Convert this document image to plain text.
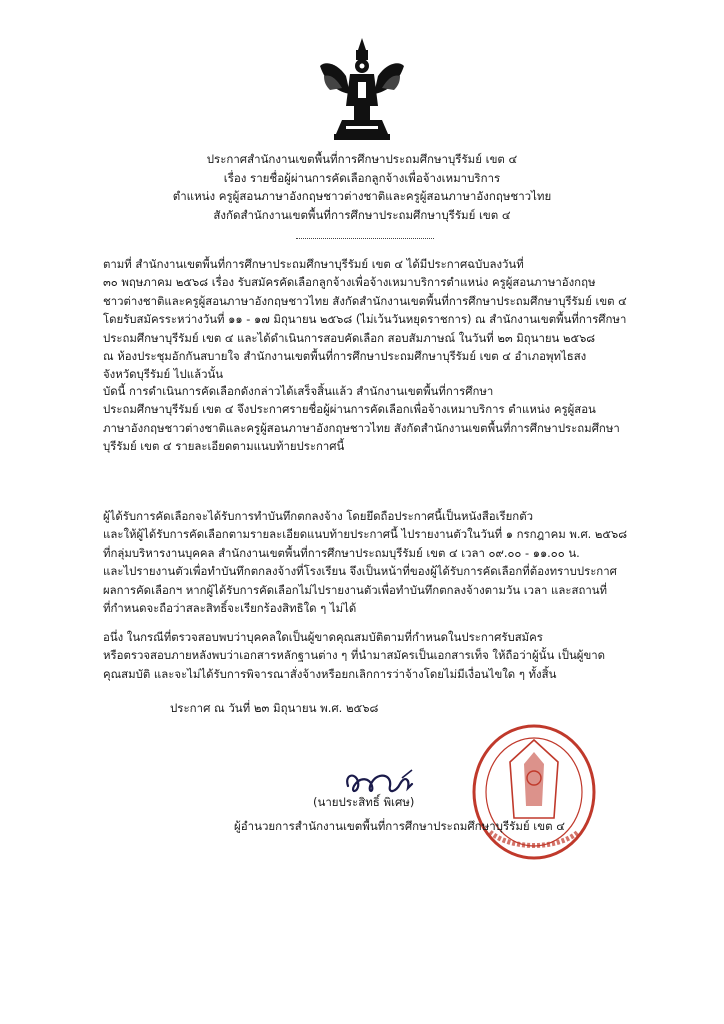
ประกาศสำนักงานเขตพื้นที่การศึกษาประถมศึกษาบุรีรัมย์ เขต ๔
เรื่อง รายชื่อผู้ผ่านการคัดเลือกลูกจ้างเพื่อจ้างเหมาบริการ
ตำแหน่ง ครูผู้สอนภาษาอังกฤษชาวต่างชาติและครูผู้สอนภาษาอังกฤษชาวไทย
สังกัดสำนักงานเขตพื้นที่การศึกษาประถมศึกษาบุรีรัมย์ เขต ๔
ตามที่ สำนักงานเขตพื้นที่การศึกษาประถมศึกษาบุรีรัมย์ เขต ๔ ได้มีประกาศฉบับลงวันที่
๓๐ พฤษภาคม ๒๕๖๘ เรื่อง รับสมัครคัดเลือกลูกจ้างเพื่อจ้างเหมาบริการตำแหน่ง ครูผู้สอนภาษาอังกฤษ
ชาวต่างชาติและครูผู้สอนภาษาอังกฤษชาวไทย สังกัดสำนักงานเขตพื้นที่การศึกษาประถมศึกษาบุรีรัมย์ เขต ๔
โดยรับสมัครระหว่างวันที่ ๑๑ - ๑๗ มิถุนายน ๒๕๖๘ (ไม่เว้นวันหยุดราชการ) ณ สำนักงานเขตพื้นที่การศึกษา
ประถมศึกษาบุรีรัมย์ เขต ๔ และได้ดำเนินการสอบคัดเลือก สอบสัมภาษณ์ ในวันที่ ๒๓ มิถุนายน ๒๕๖๘
ณ ห้องประชุมอักกันสบายใจ สำนักงานเขตพื้นที่การศึกษาประถมศึกษาบุรีรัมย์ เขต ๔ อำเภอพุทไธสง
จังหวัดบุรีรัมย์ ไปแล้วนั้น
บัดนี้ การดำเนินการคัดเลือกดังกล่าวได้เสร็จสิ้นแล้ว สำนักงานเขตพื้นที่การศึกษา
ประถมศึกษาบุรีรัมย์ เขต ๔ จึงประกาศรายชื่อผู้ผ่านการคัดเลือกเพื่อจ้างเหมาบริการ ตำแหน่ง ครูผู้สอน
ภาษาอังกฤษชาวต่างชาติและครูผู้สอนภาษาอังกฤษชาวไทย สังกัดสำนักงานเขตพื้นที่การศึกษาประถมศึกษา
บุรีรัมย์ เขต ๔ รายละเอียดตามแนบท้ายประกาศนี้
ผู้ได้รับการคัดเลือกจะได้รับการทำบันทึกตกลงจ้าง โดยยึดถือประกาศนี้เป็นหนังสือเรียกตัว
และให้ผู้ได้รับการคัดเลือกตามรายละเอียดแนบท้ายประกาศนี้ ไปรายงานตัวในวันที่ ๑ กรกฎาคม พ.ศ. ๒๕๖๘
ที่กลุ่มบริหารงานบุคคล สำนักงานเขตพื้นที่การศึกษาประถมบุรีรัมย์ เขต ๔ เวลา ๐๙.๐๐ - ๑๑.๐๐ น.
และไปรายงานตัวเพื่อทำบันทึกตกลงจ้างที่โรงเรียน จึงเป็นหน้าที่ของผู้ได้รับการคัดเลือกที่ต้องทราบประกาศ
ผลการคัดเลือกฯ หากผู้ได้รับการคัดเลือกไม่ไปรายงานตัวเพื่อทำบันทึกตกลงจ้างตามวัน เวลา และสถานที่
ที่กำหนดจะถือว่าสละสิทธิ์จะเรียกร้องสิทธิใด ๆ ไม่ได้
อนึ่ง ในกรณีที่ตรวจสอบพบว่าบุคคลใดเป็นผู้ขาดคุณสมบัติตามที่กำหนดในประกาศรับสมัคร
หรือตรวจสอบภายหลังพบว่าเอกสารหลักฐานต่าง ๆ ที่นำมาสมัครเป็นเอกสารเท็จ ให้ถือว่าผู้นั้น เป็นผู้ขาด
คุณสมบัติ และจะไม่ได้รับการพิจารณาสั่งจ้างหรือยกเลิกการว่าจ้างโดยไม่มีเงื่อนไขใด ๆ ทั้งสิ้น
ประกาศ ณ วันที่ ๒๓ มิถุนายน พ.ศ. ๒๕๖๘
(นายประสิทธิ์ พิเศษ)
ผู้อำนวยการสำนักงานเขตพื้นที่การศึกษาประถมศึกษาบุรีรัมย์ เขต ๔
